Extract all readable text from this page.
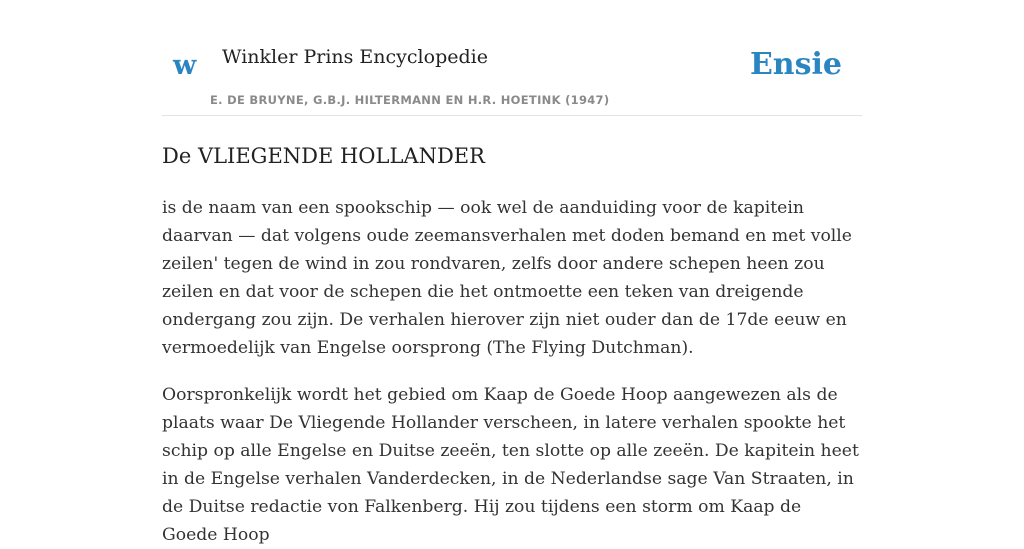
w Winkler Prins Encyclopedie
E. DE BRUYNE, G.B.J. HILTERMANN EN H.R. HOETINK (1947)
Ensie
De VLIEGENDE HOLLANDER

is de naam van een spookschip — ook wel de aanduiding voor de kapitein daarvan — dat volgens oude zeemansverhalen met doden bemand en met volle zeilen' tegen de wind in zou rondvaren, zelfs door andere schepen heen zou zeilen en dat voor de schepen die het ontmoette een teken van dreigende ondergang zou zijn. De verhalen hierover zijn niet ouder dan de 17de eeuw en vermoedelijk van Engelse oorsprong (The Flying Dutchman).

Oorspronkelijk wordt het gebied om Kaap de Goede Hoop aangewezen als de plaats waar De Vliegende Hollander verscheen, in latere verhalen spookte het schip op alle Engelse en Duitse zeeën, ten slotte op alle zeeën. De kapitein heet in de Engelse verhalen Vanderdecken, in de Nederlandse sage Van Straaten, in de Duitse redactie von Falkenberg. Hij zou tijdens een storm om Kaap de Goede Hoop
